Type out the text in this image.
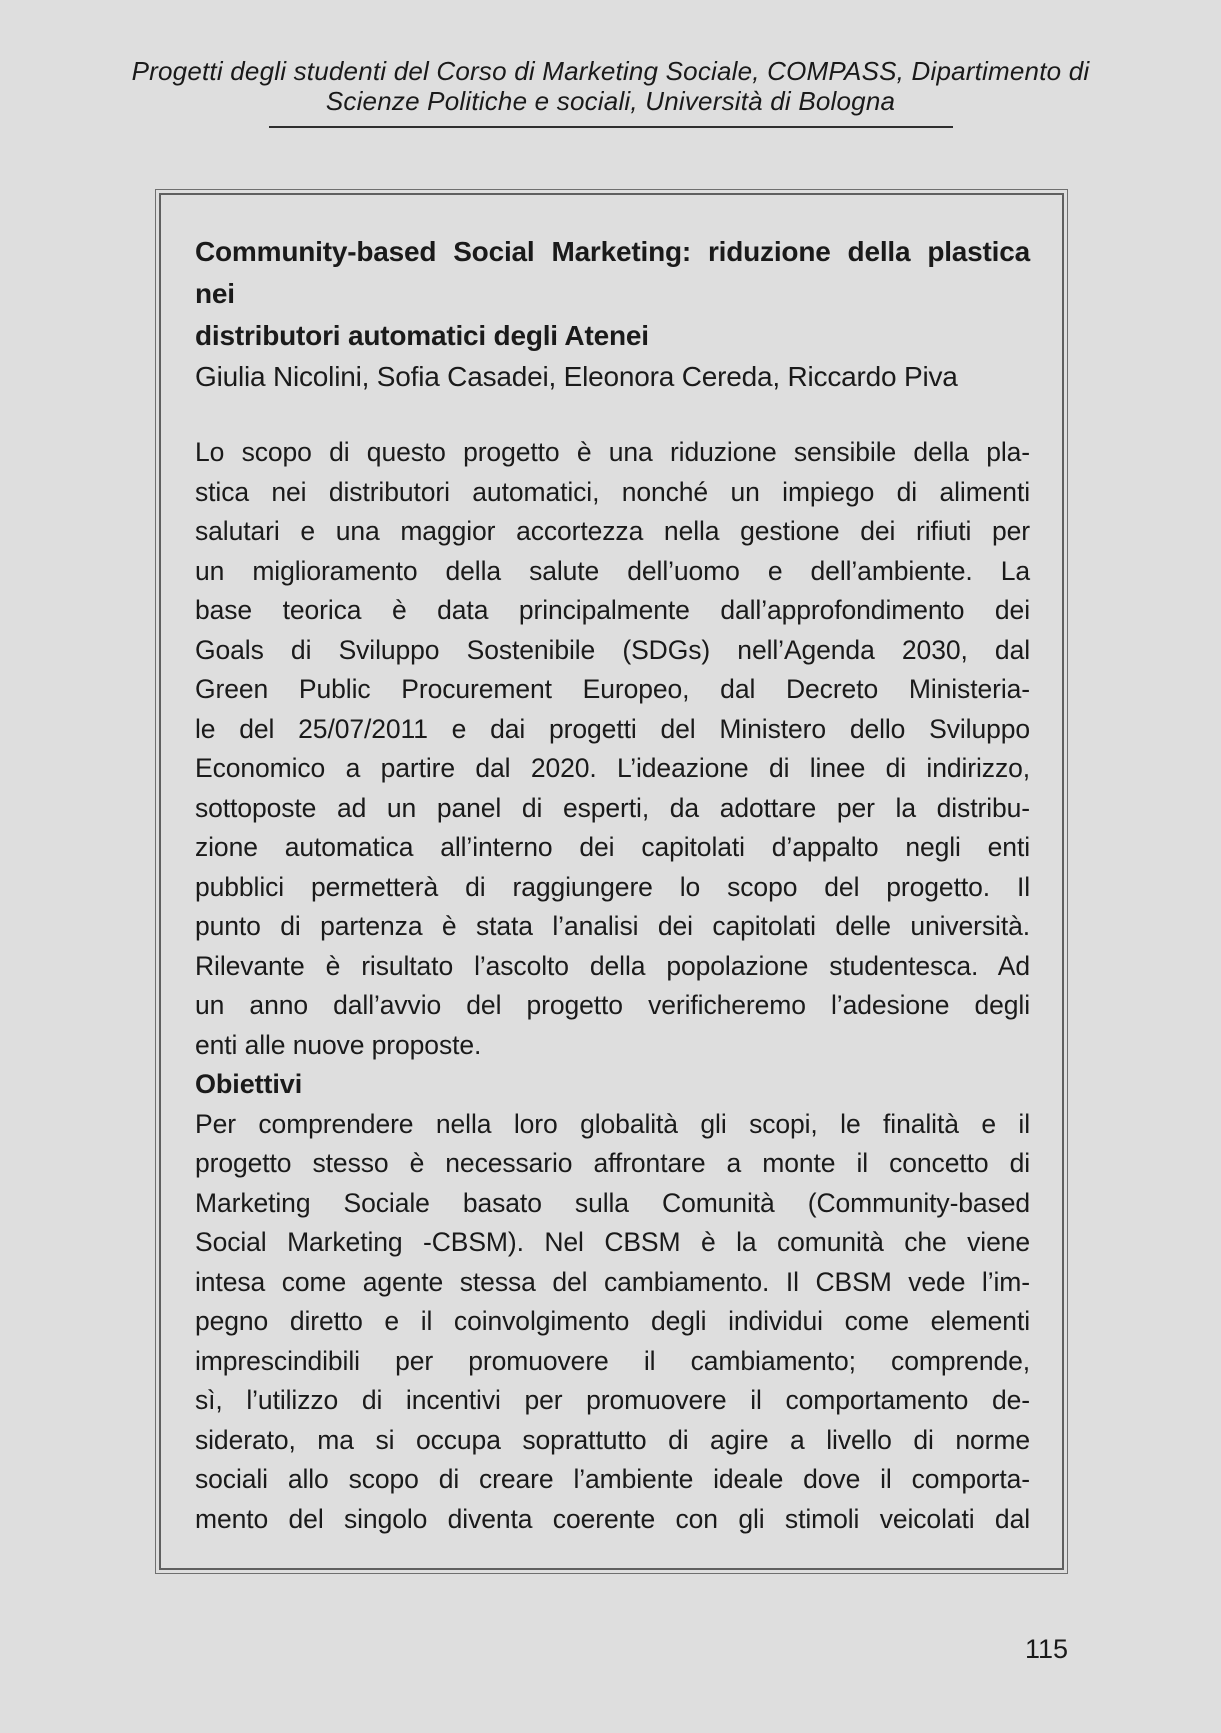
Progetti degli studenti del Corso di Marketing Sociale, COMPASS, Dipartimento di
Scienze Politiche e sociali, Università di Bologna
Community-based Social Marketing: riduzione della plastica nei
distributori automatici degli Atenei
Giulia Nicolini, Sofia Casadei, Eleonora Cereda, Riccardo Piva
Lo scopo di questo progetto è una riduzione sensibile della pla-
stica nei distributori automatici, nonché un impiego di alimenti
salutari e una maggior accortezza nella gestione dei rifiuti per
un miglioramento della salute dell’uomo e dell’ambiente. La
base teorica è data principalmente dall’approfondimento dei
Goals di Sviluppo Sostenibile (SDGs) nell’Agenda 2030, dal
Green Public Procurement Europeo, dal Decreto Ministeria-
le del 25/07/2011 e dai progetti del Ministero dello Sviluppo
Economico a partire dal 2020. L’ideazione di linee di indirizzo,
sottoposte ad un panel di esperti, da adottare per la distribu-
zione automatica all’interno dei capitolati d’appalto negli enti
pubblici permetterà di raggiungere lo scopo del progetto. Il
punto di partenza è stata l’analisi dei capitolati delle università.
Rilevante è risultato l’ascolto della popolazione studentesca. Ad
un anno dall’avvio del progetto verificheremo l’adesione degli
enti alle nuove proposte.
Obiettivi
Per comprendere nella loro globalità gli scopi, le finalità e il
progetto stesso è necessario affrontare a monte il concetto di
Marketing Sociale basato sulla Comunità (Community-based
Social Marketing -CBSM). Nel CBSM è la comunità che viene
intesa come agente stessa del cambiamento. Il CBSM vede l’im-
pegno diretto e il coinvolgimento degli individui come elementi
imprescindibili per promuovere il cambiamento; comprende,
sì, l’utilizzo di incentivi per promuovere il comportamento de-
siderato, ma si occupa soprattutto di agire a livello di norme
sociali allo scopo di creare l’ambiente ideale dove il comporta-
mento del singolo diventa coerente con gli stimoli veicolati dal
115
